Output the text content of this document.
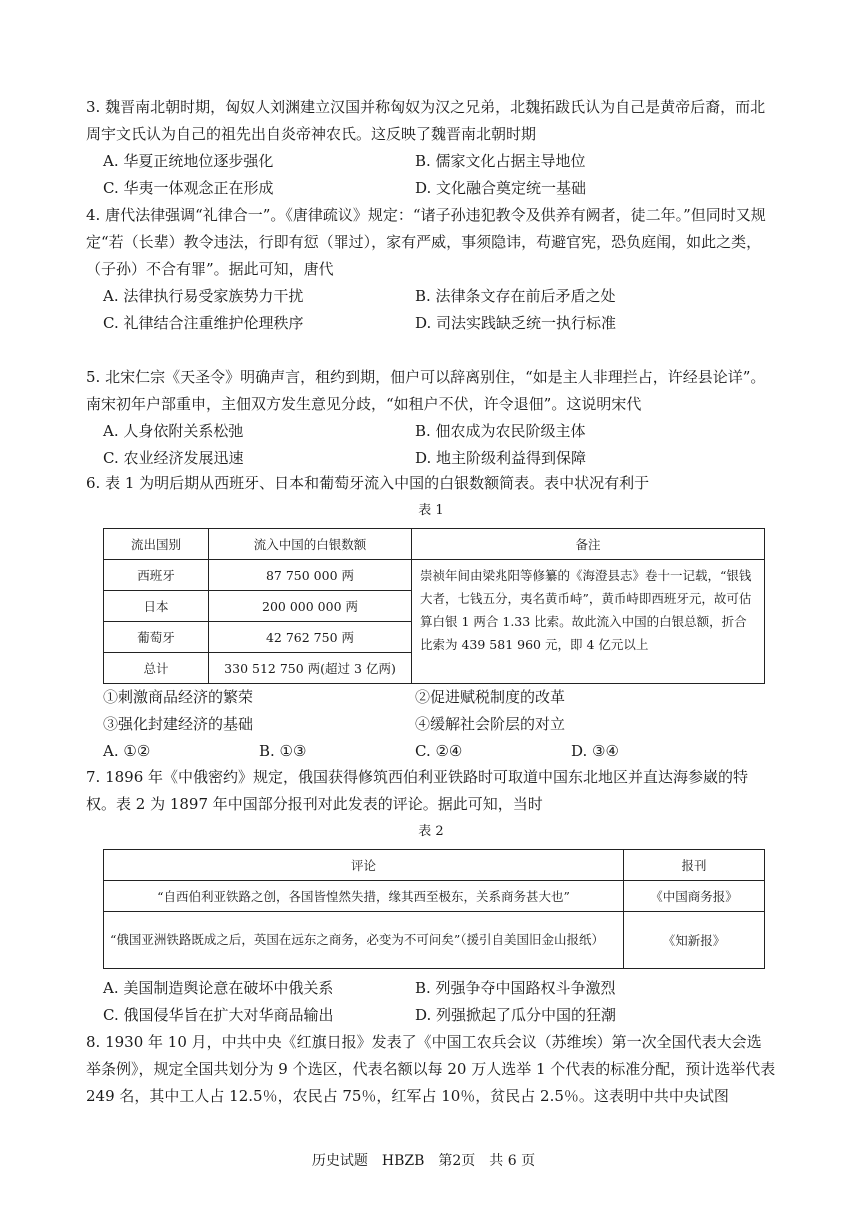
3. 魏晋南北朝时期，匈奴人刘渊建立汉国并称匈奴为汉之兄弟，北魏拓跋氏认为自己是黄帝后裔，而北周宇文氏认为自己的祖先出自炎帝神农氏。这反映了魏晋南北朝时期

A. 华夏正统地位逐步强化	B. 儒家文化占据主导地位
C. 华夷一体观念正在形成	D. 文化融合奠定统一基础

4. 唐代法律强调“礼律合一”。《唐律疏议》规定：“诸子孙违犯教令及供养有阙者，徒二年。”但同时又规定“若（长辈）教令违法，行即有愆（罪过），家有严威，事须隐讳，苟避官宪，恐负庭闱，如此之类，（子孙）不合有罪”。据此可知，唐代

A. 法律执行易受家族势力干扰	B. 法律条文存在前后矛盾之处
C. 礼律结合注重维护伦理秩序	D. 司法实践缺乏统一执行标准

5. 北宋仁宗《天圣令》明确声言，租约到期，佃户可以辞离别住，“如是主人非理拦占，许经县论详”。南宋初年户部重申，主佃双方发生意见分歧，“如租户不伏，许令退佃”。这说明宋代

A. 人身依附关系松弛	B. 佃农成为农民阶级主体
C. 农业经济发展迅速	D. 地主阶级利益得到保障

6. 表 1 为明后期从西班牙、日本和葡萄牙流入中国的白银数额简表。表中状况有利于

表 1
流出国别	流入中国的白银数额	备注
西班牙	87 750 000 两	崇祯年间由梁兆阳等修纂的《海澄县志》卷十一记载，“银钱大者，七钱五分，夷名黄币峙”，黄币峙即西班牙元，故可估算白银 1 两合 1.33 比索。故此流入中国的白银总额，折合比索为 439 581 960 元，即 4 亿元以上
日本	200 000 000 两	
葡萄牙	42 762 750 两	
总计	330 512 750 两(超过 3 亿两)	
①刺激商品经济的繁荣	②促进赋税制度的改革
③强化封建经济的基础	④缓解社会阶层的对立
A. ①②	B. ①③	C. ②④	D. ③④

7. 1896 年《中俄密约》规定，俄国获得修筑西伯利亚铁路时可取道中国东北地区并直达海参崴的特权。表 2 为 1897 年中国部分报刊对此发表的评论。据此可知，当时

表 2
评论	报刊
“自西伯利亚铁路之创，各国皆惶然失措，缘其西至极东，关系商务甚大也”	《中国商务报》
“俄国亚洲铁路既成之后，英国在远东之商务，必变为不可问矣”（援引自美国旧金山报纸）	《知新报》
A. 美国制造舆论意在破坏中俄关系	B. 列强争夺中国路权斗争激烈
C. 俄国侵华旨在扩大对华商品输出	D. 列强掀起了瓜分中国的狂潮

8. 1930 年 10 月，中共中央《红旗日报》发表了《中国工农兵会议（苏维埃）第一次全国代表大会选举条例》，规定全国共划分为 9 个选区，代表名额以每 20 万人选举 1 个代表的标准分配，预计选举代表 249 名，其中工人占 12.5％，农民占 75％，红军占 10％，贫民占 2.5％。这表明中共中央试图

历史试题　HBZB　第2页　共 6 页
